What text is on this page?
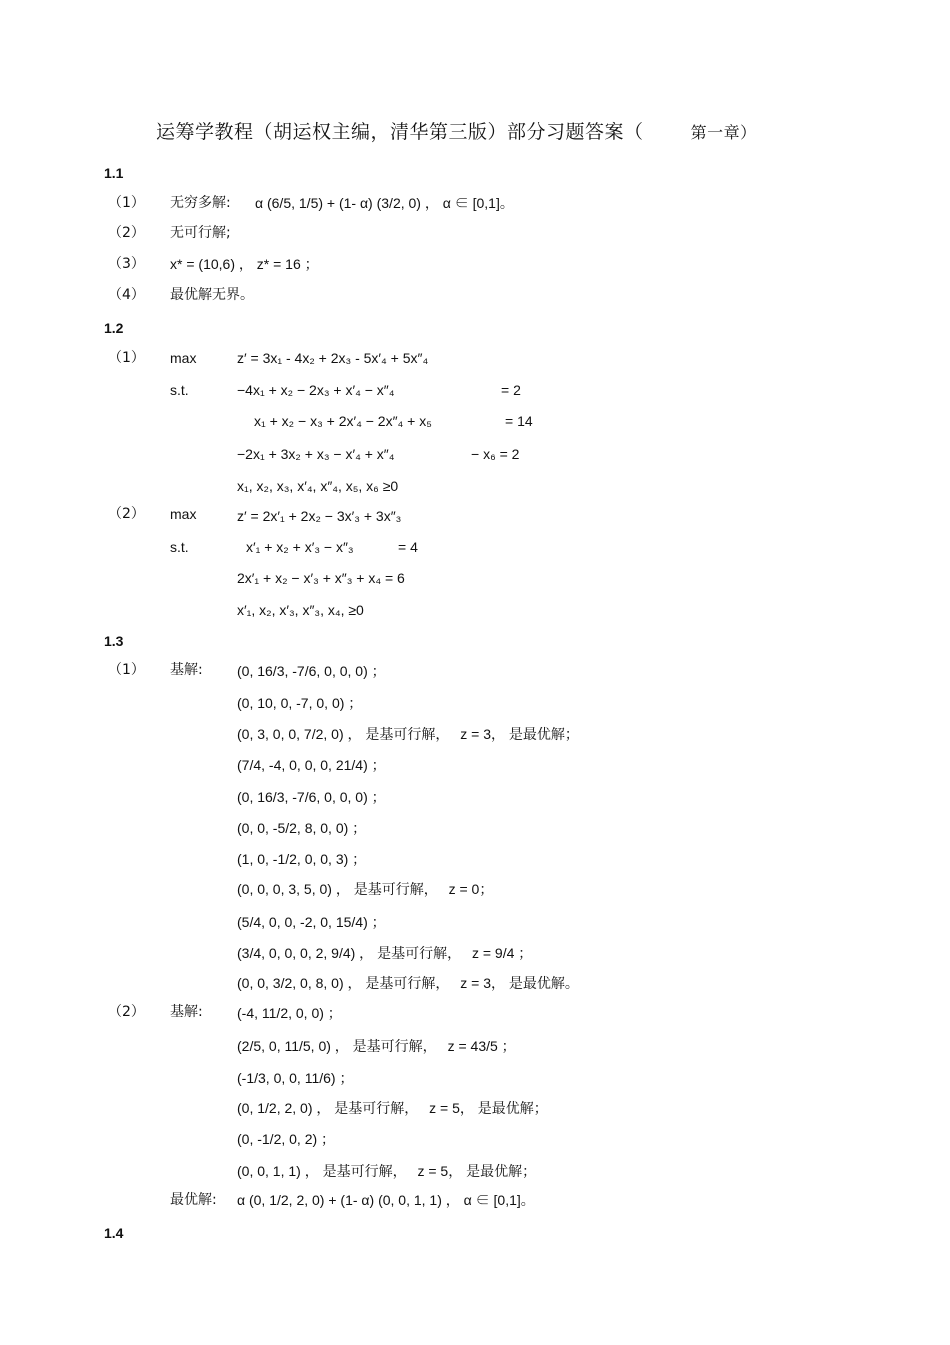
运筹学教程（胡运权主编，清华第三版）部分习题答案（	第一章）
1.1
（1） 无穷多解: α (6/5, 1/5) + (1- α) (3/2, 0) ， α ∈ [0,1]。
（2） 无可行解;
（3） x* = (10,6) ， z* = 16 ；
（4） 最优解无界。
1.2
（1） max	z′ = 3x₁ - 4x₂ + 2x₃ - 5x′₄ + 5x″₄
s.t.	−4x₁ + x₂ − 2x₃ + x′₄ − x″₄	= 2
x₁ + x₂ − x₃ + 2x′₄ − 2x″₄ + x₅	= 14
−2x₁ + 3x₂ + x₃ − x′₄ + x″₄	− x₆ = 2
x₁, x₂, x₃, x′₄, x″₄, x₅, x₆ ≥0
（2） max	z′ = 2x′₁ + 2x₂ − 3x′₃ + 3x″₃
s.t.	x′₁ + x₂ + x′₃ − x″₃	= 4
2x′₁ + x₂ − x′₃ + x″₃ + x₄ = 6
x′₁, x₂, x′₃, x″₃, x₄, ≥0
1.3
（1） 基解: (0, 16/3, -7/6, 0, 0, 0) ；
(0, 10, 0, -7, 0, 0) ；
(0, 3, 0, 0, 7/2, 0) ， 是基可行解，　 z = 3， 是最优解；
(7/4, -4, 0, 0, 0, 21/4) ；
(0, 16/3, -7/6, 0, 0, 0) ；
(0, 0, -5/2, 8, 0, 0) ；
(1, 0, -1/2, 0, 0, 3) ；
(0, 0, 0, 3, 5, 0) ， 是基可行解，　 z = 0；
(5/4, 0, 0, -2, 0, 15/4) ；
(3/4, 0, 0, 0, 2, 9/4) ， 是基可行解，　 z = 9/4 ；
(0, 0, 3/2, 0, 8, 0) ， 是基可行解，　 z = 3， 是最优解。
（2） 基解: (-4, 11/2, 0, 0) ；
(2/5, 0, 11/5, 0) ， 是基可行解，　 z = 43/5 ；
(-1/3, 0, 0, 11/6) ；
(0, 1/2, 2, 0) ， 是基可行解，　 z = 5， 是最优解；
(0, -1/2, 0, 2) ；
(0, 0, 1, 1) ， 是基可行解，　 z = 5， 是最优解；
最优解: α (0, 1/2, 2, 0) + (1- α) (0, 0, 1, 1) ， α ∈ [0,1]。
1.4
